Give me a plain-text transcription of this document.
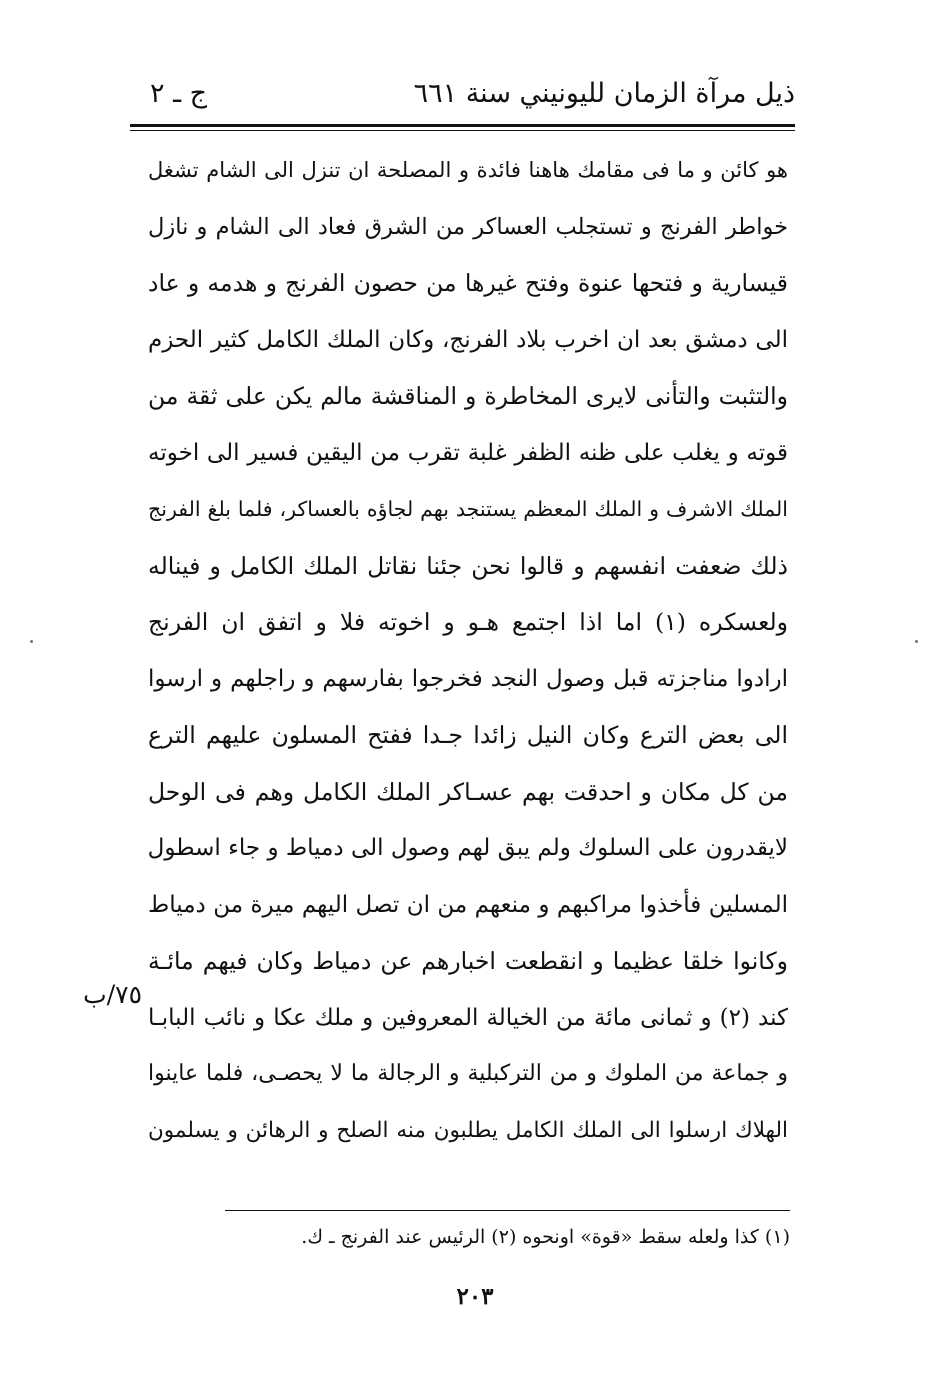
ذيل مرآة الزمان لليونيني سنة ٦٦١
ج ـ ٢
هو كائن و ما فى مقامك هاهنا فائدة و المصلحة ان تنزل الى الشام تشغل
خواطر الفرنج و تستجلب العساكر من الشرق فعاد الى الشام و نازل
قيسارية و فتحها عنوة وفتح غيرها من حصون الفرنج و هدمه و عاد
الى دمشق بعد ان اخرب بلاد الفرنج، وكان الملك الكامل كثير الحزم
والتثبت والتأنى لايرى المخاطرة و المناقشة مالم يكن على ثقة من
قوته و يغلب على ظنه الظفر غلبة تقرب من اليقين فسير الى اخوته
الملك الاشرف و الملك المعظم يستنجد بهم لجاؤه بالعساكر، فلما بلغ الفرنج
ذلك ضعفت انفسهم و قالوا نحن جئنا نقاتل الملك الكامل و فيناله
ولعسكره (١) اما اذا اجتمع هـو و اخوته فلا و اتفق ان الفرنج
ارادوا مناجزته قبل وصول النجد فخرجوا بفارسهم و راجلهم و ارسوا
الى بعض الترع وكان النيل زائدا جـدا ففتح المسلون عليهم الترع
من كل مكان و احدقت بهم عسـاكر الملك الكامل وهم فى الوحل
لايقدرون على السلوك ولم يبق لهم وصول الى دمياط و جاء اسطول
المسلين فأخذوا مراكبهم و منعهم من ان تصل اليهم ميرة من دمياط
وكانوا خلقا عظيما و انقطعت اخبارهم عن دمياط وكان فيهم مائـة
كند (٢) و ثمانى مائة من الخيالة المعروفين و ملك عكا و نائب البابـا
و جماعة من الملوك و من التركبلية و الرجالة ما لا يحصـى، فلما عاينوا
الهلاك ارسلوا الى الملك الكامل يطلبون منه الصلح و الرهائن و يسلمون
٧٥/ب
(١) كذا ولعله سقط «قوة» اونحوه (٢) الرئيس عند الفرنج ـ ك.
٢٠٣
